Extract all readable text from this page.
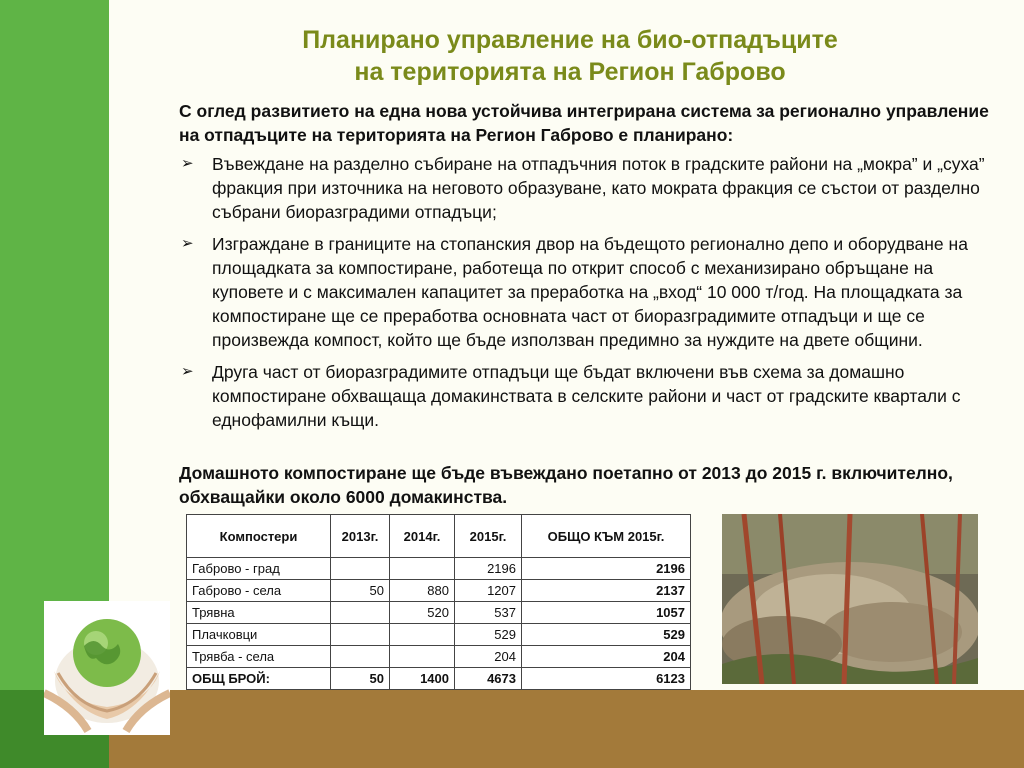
Планирано управление на био-отпадъците
на територията на Регион Габрово

С оглед развитието на една нова устойчива интегрирана система за регионално управление на отпадъците на територията на Регион Габрово е планирано:

➢ Въвеждане на разделно събиране на отпадъчния поток в градските райони на „мокра” и „суха” фракция при източника на неговото образуване, като мократа фракция се състои от разделно събрани биоразградими отпадъци;
➢ Изграждане в границите на стопанския двор на бъдещото регионално депо и оборудване на площадката за компостиране, работеща по открит способ с механизирано обръщане на куповете и с максимален капацитет за преработка на „вход“ 10 000 т/год. На площадката за компостиране ще се преработва основната част от биоразградимите отпадъци и ще се произвежда компост, който ще бъде използван предимно за нуждите на двете общини.
➢ Друга част от биоразградимите отпадъци ще бъдат включени във схема за домашно компостиране обхващаща домакинствата в селските райони и част от градските квартали с еднофамилни къщи.

Домашното компостиране ще бъде въвеждано поетапно от 2013 до 2015 г. включително, обхващайки около 6000 домакинства.

Компостери	2013г.	2014г.	2015г.	ОБЩО КЪМ 2015г.
Габрово - град			2196	2196
Габрово - села	50	880	1207	2137
Трявна		520	537	1057
Плачковци			529	529
Трявба - села			204	204
ОБЩ БРОЙ:	50	1400	4673	6123
